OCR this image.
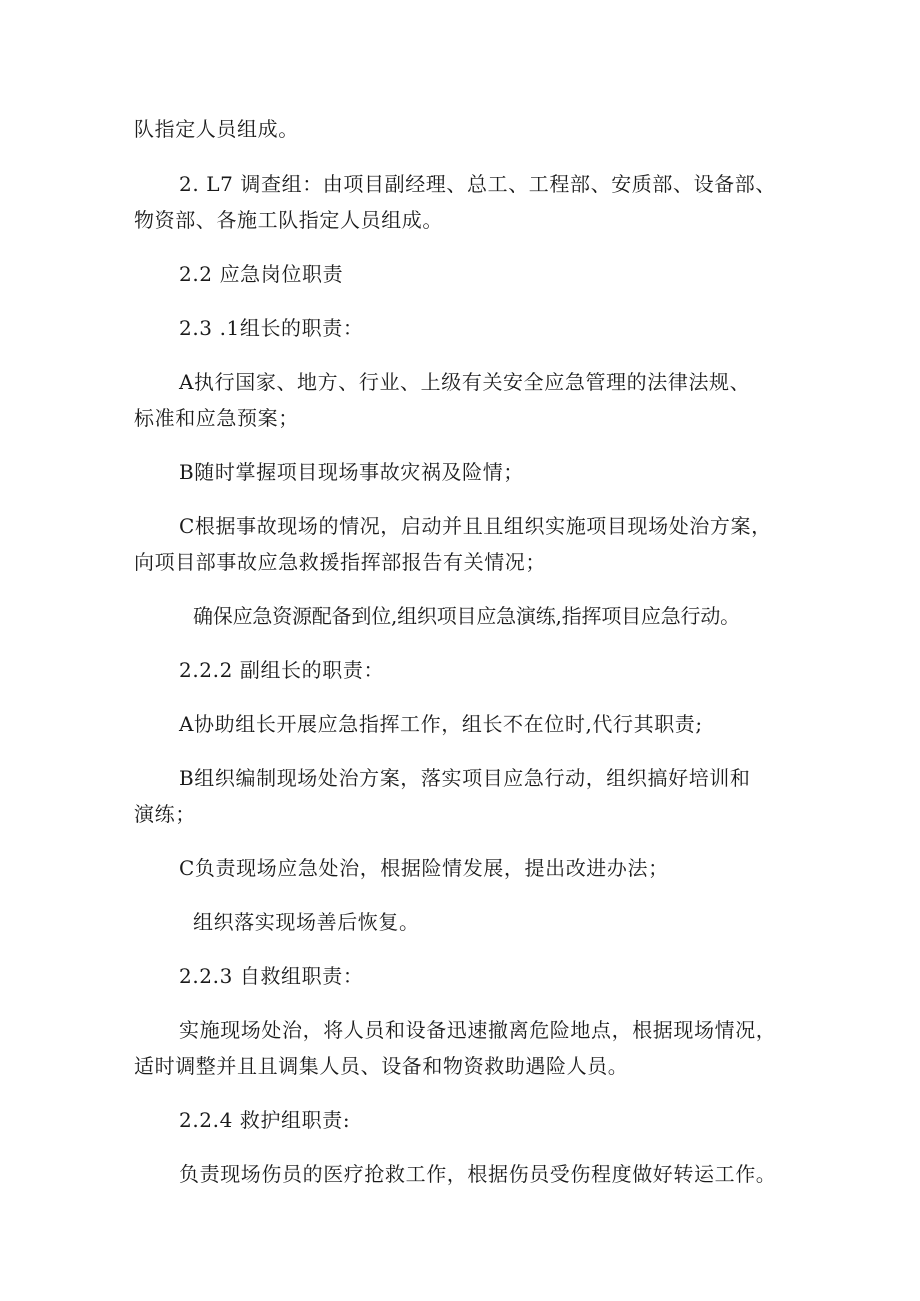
队指定人员组成。
2. L7 调查组：由项目副经理、总工、工程部、安质部、设备部、
物资部、各施工队指定人员组成。
2.2 应急岗位职责
2.3 .1组长的职责：
A执行国家、地方、行业、上级有关安全应急管理的法律法规、
标准和应急预案；
B随时掌握项目现场事故灾祸及险情；
C根据事故现场的情况，启动并且且组织实施项目现场处治方案，
向项目部事故应急救援指挥部报告有关情况；
确保应急资源配备到位,组织项目应急演练,指挥项目应急行动。
2.2.2 副组长的职责：
A协助组长开展应急指挥工作，组长不在位时,代行其职责;
B组织编制现场处治方案，落实项目应急行动，组织搞好培训和
演练；
C负责现场应急处治，根据险情发展，提出改进办法；
组织落实现场善后恢复。
2.2.3 自救组职责：
实施现场处治，将人员和设备迅速撤离危险地点，根据现场情况，
适时调整并且且调集人员、设备和物资救助遇险人员。
2.2.4 救护组职责:
负责现场伤员的医疗抢救工作，根据伤员受伤程度做好转运工作。
